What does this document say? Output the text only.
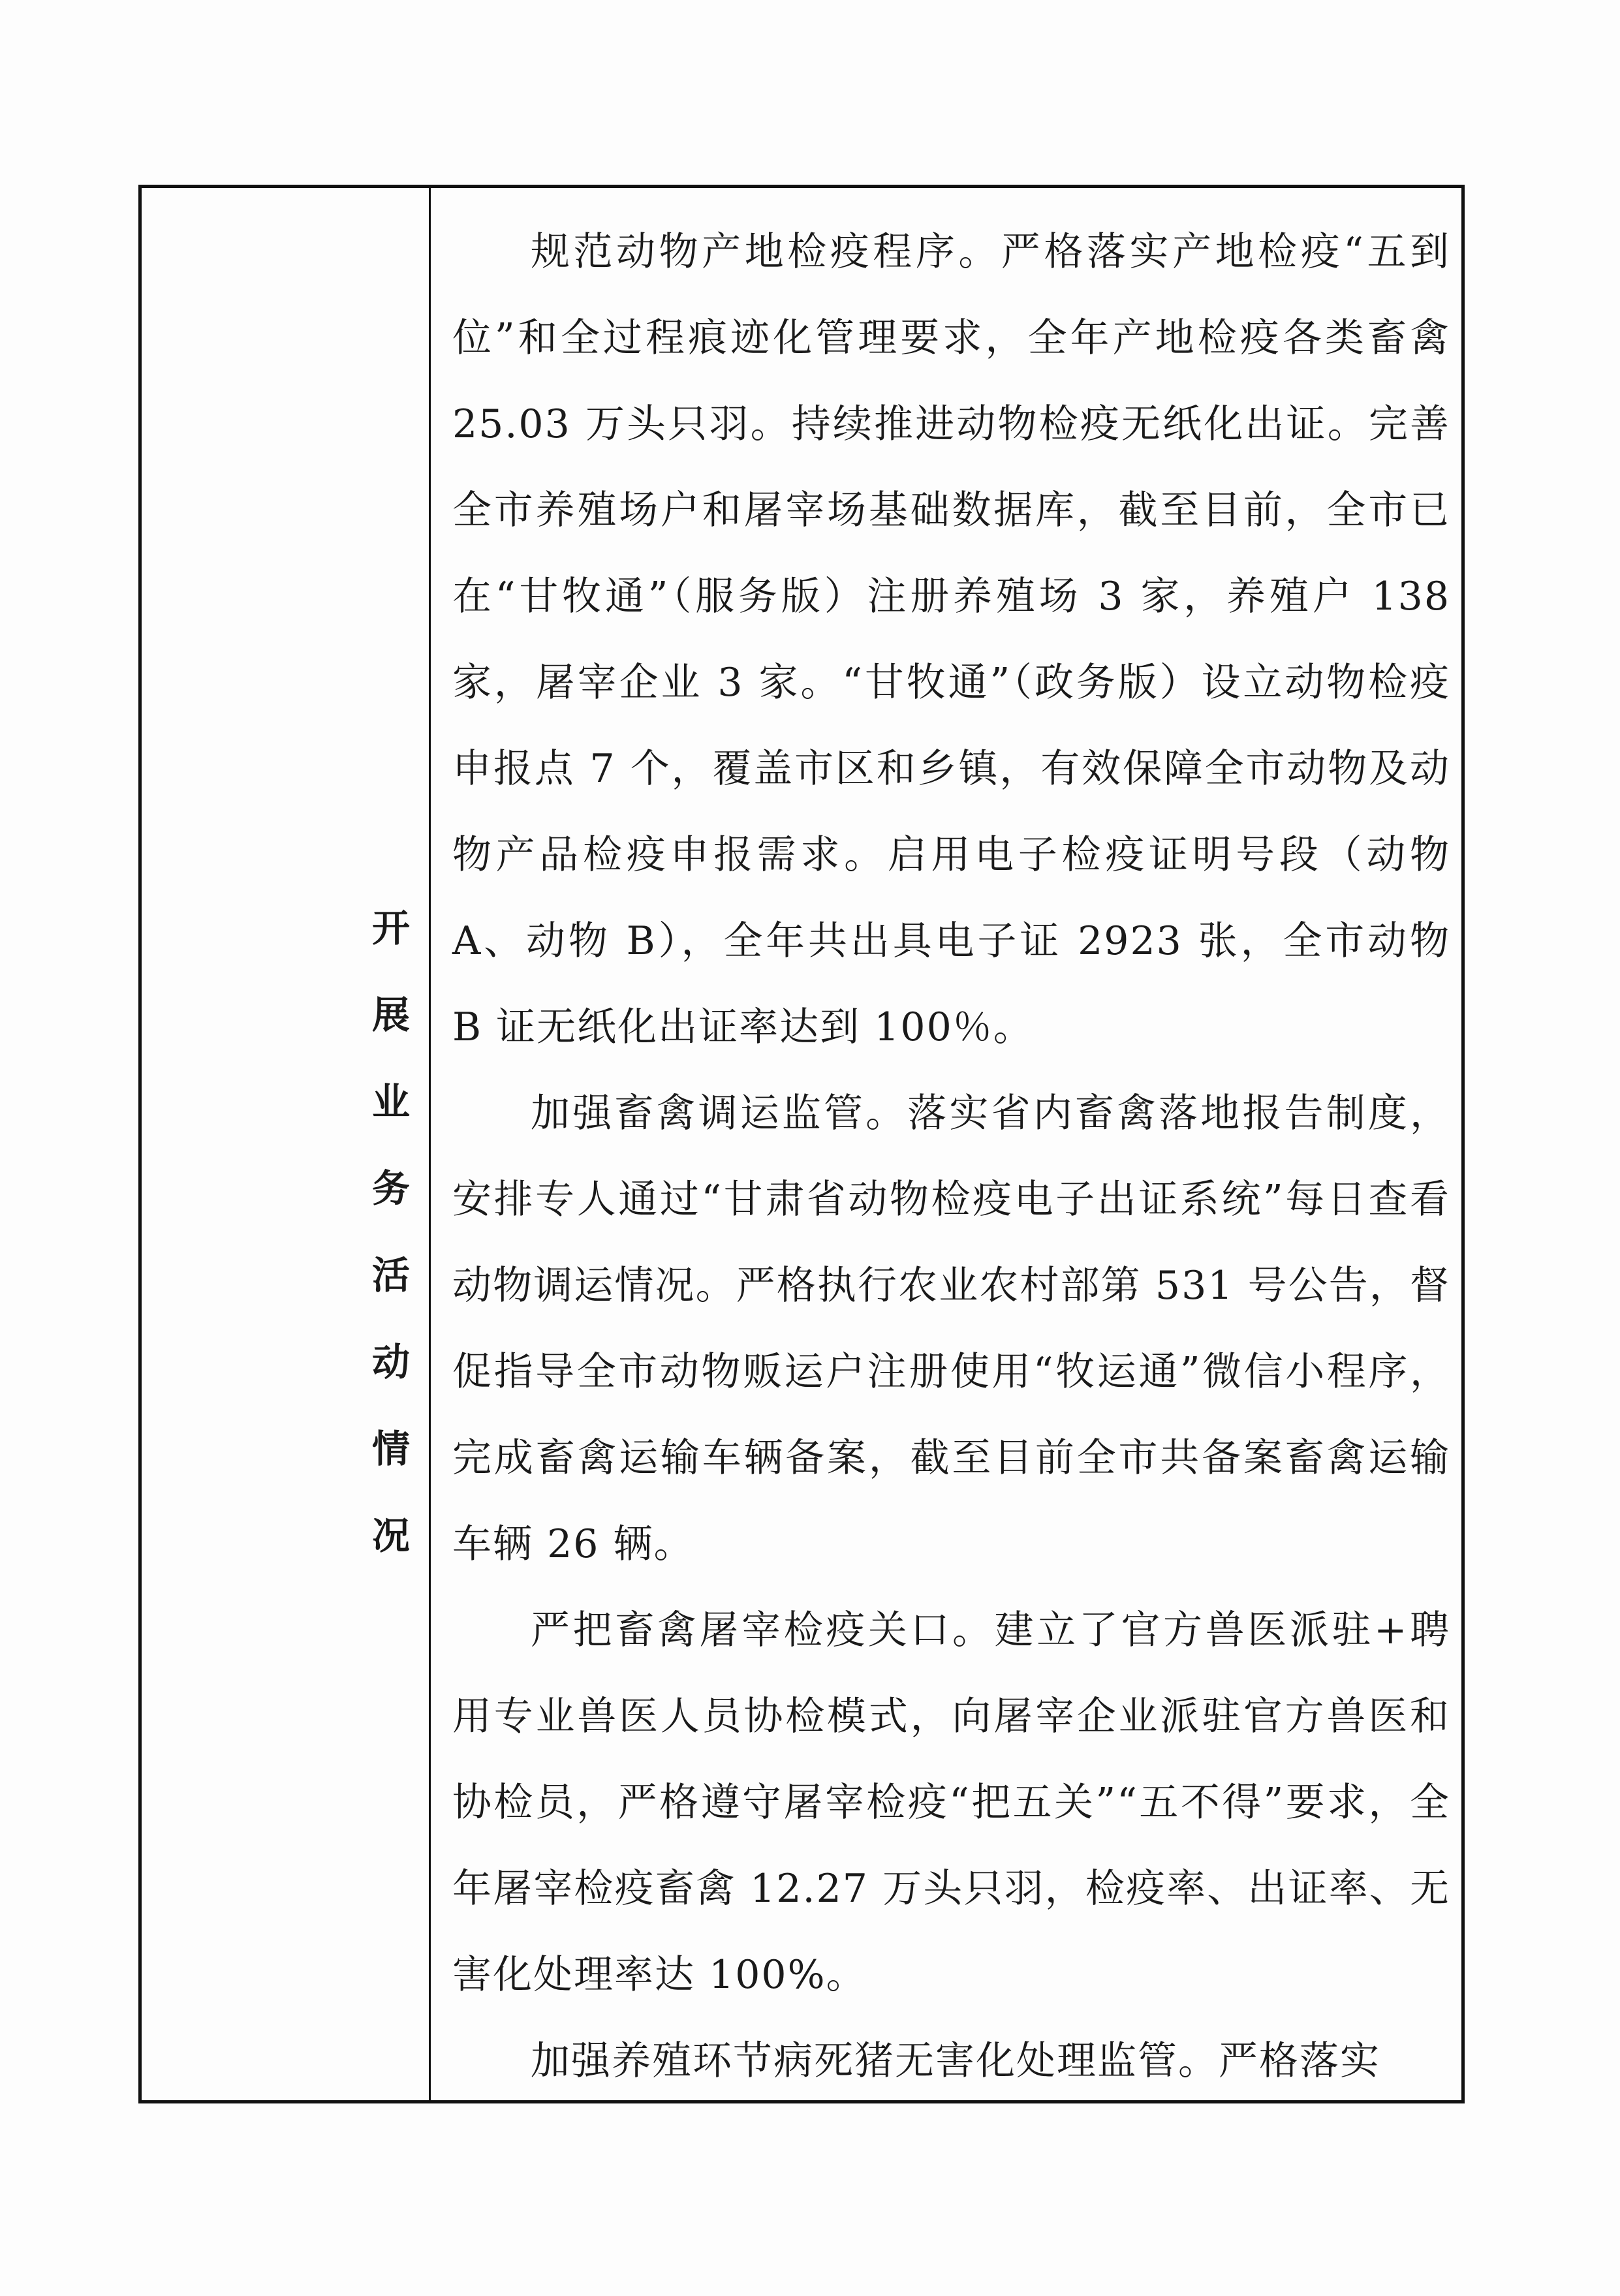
开展业务活动情况

规范动物产地检疫程序。严格落实产地检疫“五到位”和全过程痕迹化管理要求，全年产地检疫各类畜禽 25.03 万头只羽。持续推进动物检疫无纸化出证。完善全市养殖场户和屠宰场基础数据库，截至目前，全市已在“甘牧通”（服务版）注册养殖场 3 家，养殖户 138 家，屠宰企业 3 家。“甘牧通”（政务版）设立动物检疫申报点 7 个，覆盖市区和乡镇，有效保障全市动物及动物产品检疫申报需求。启用电子检疫证明号段（动物 A、动物 B），全年共出具电子证 2923 张，全市动物 B 证无纸化出证率达到 100％。

加强畜禽调运监管。落实省内畜禽落地报告制度，安排专人通过“甘肃省动物检疫电子出证系统”每日查看动物调运情况。严格执行农业农村部第 531 号公告，督促指导全市动物贩运户注册使用“牧运通”微信小程序，完成畜禽运输车辆备案，截至目前全市共备案畜禽运输车辆 26 辆。

严把畜禽屠宰检疫关口。建立了官方兽医派驻+聘用专业兽医人员协检模式，向屠宰企业派驻官方兽医和协检员，严格遵守屠宰检疫“把五关”“五不得”要求，全年屠宰检疫畜禽 12.27 万头只羽，检疫率、出证率、无害化处理率达 100%。

加强养殖环节病死猪无害化处理监管。严格落实
